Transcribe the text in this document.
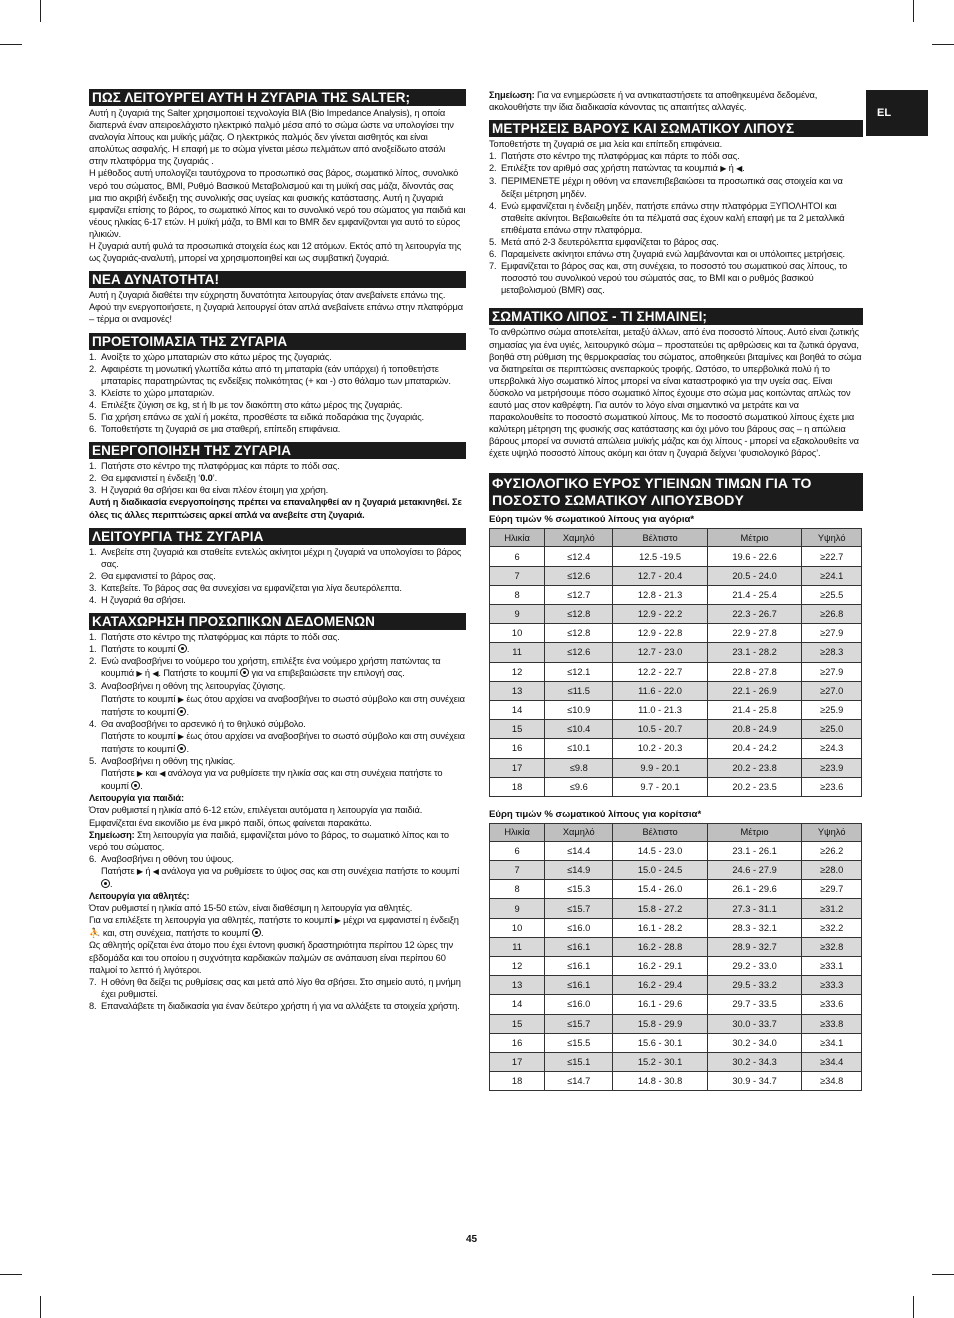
EL
ΠΩΣ ΛΕΙΤΟΥΡΓΕΙ ΑΥΤΗ Η ΖΥΓΑΡΙΑ ΤΗΣ SALTER;

Αυτή η ζυγαριά της Salter χρησιμοποιεί τεχνολογία BIA (Bio Impedance Analysis), η οποία διαπερνά έναν απειροελάχιστο ηλεκτρικό παλμό μέσα από το σώμα ώστε να υπολογίσει την αναλογία λίπους και μυϊκής μάζας. Ο ηλεκτρικός παλμός δεν γίνεται αισθητός και είναι απολύτως ασφαλής. Η επαφή με το σώμα γίνεται μέσω πελμάτων από ανοξείδωτο ατσάλι στην πλατφόρμα της ζυγαριάς .

Η μέθοδος αυτή υπολογίζει ταυτόχρονα το προσωπικό σας βάρος, σωματικό λίπος, συνολικό νερό του σώματος, BMI, Ρυθμό Βασικού Μεταβολισμού και τη μυϊκή σας μάζα, δίνοντάς σας μια πιο ακριβή ένδειξη της συνολικής σας υγείας και φυσικής κατάστασης. Αυτή η ζυγαριά εμφανίζει επίσης το βάρος, το σωματικό λίπος και το συνολικό νερό του σώματος για παιδιά και νέους ηλικίας 6-17 ετών. Η μυϊκή μάζα, το BMI και το BMR δεν εμφανίζονται για αυτό το εύρος ηλικιών.

Η ζυγαριά αυτή φυλά τα προσωπικά στοιχεία έως και 12 ατόμων. Εκτός από τη λειτουργία της ως ζυγαριάς-αναλυτή, μπορεί να χρησιμοποιηθεί και ως συμβατική ζυγαριά.

ΝΕΑ ΔΥΝΑΤΟΤΗΤΑ!

Αυτή η ζυγαριά διαθέτει την εύχρηστη δυνατότητα λειτουργίας όταν ανεβαίνετε επάνω της. Αφού την ενεργοποιήσετε, η ζυγαριά λειτουργεί όταν απλά ανεβαίνετε επάνω στην πλατφόρμα – τέρμα οι αναμονές!

ΠΡΟΕΤΟΙΜΑΣΙΑ ΤΗΣ ΖΥΓΑΡΙΑ
1. Ανοίξτε το χώρο μπαταριών στο κάτω μέρος της ζυγαριάς.
2. Αφαιρέστε τη μονωτική γλωττίδα κάτω από τη μπαταρία (εάν υπάρχει) ή τοποθετήστε μπαταρίες παρατηρώντας τις ενδείξεις πολικότητας (+ και -) στο θάλαμο των μπαταριών.
3. Κλείστε το χώρο μπαταριών.
4. Επιλέξτε ζύγιση σε kg, st ή lb με τον διακόπτη στο κάτω μέρος της ζυγαριάς.
5. Για χρήση επάνω σε χαλί ή μοκέτα, προσθέστε τα ειδικά ποδαράκια της ζυγαριάς.
6. Τοποθετήστε τη ζυγαριά σε μια σταθερή, επίπεδη επιφάνεια.
ΕΝΕΡΓΟΠΟΙΗΣΗ ΤΗΣ ΖΥΓΑΡΙΑ
1. Πατήστε στο κέντρο της πλατφόρμας και πάρτε το πόδι σας.
2. Θα εμφανιστεί η ένδειξη ‘0.0’.
3. Η ζυγαριά θα σβήσει και θα είναι πλέον έτοιμη για χρήση.

Αυτή η διαδικασία ενεργοποίησης πρέπει να επαναληφθεί αν η ζυγαριά μετακινηθεί. Σε όλες τις άλλες περιπτώσεις αρκεί απλά να ανεβείτε στη ζυγαριά.

ΛΕΙΤΟΥΡΓΙΑ ΤΗΣ ΖΥΓΑΡΙΑ
1. Ανεβείτε στη ζυγαριά και σταθείτε εντελώς ακίνητοι μέχρι η ζυγαριά να υπολογίσει το βάρος σας.
2. Θα εμφανιστεί το βάρος σας.
3. Κατεβείτε. Το βάρος σας θα συνεχίσει να εμφανίζεται για λίγα δευτερόλεπτα.
4. Η ζυγαριά θα σβήσει.
ΚΑΤΑΧΩΡΗΣΗ ΠΡΟΣΩΠΙΚΩΝ ΔΕΔΟΜΕΝΩΝ
1. Πατήστε στο κέντρο της πλατφόρμας και πάρτε το πόδι σας.
1. Πατήστε το κουμπί .
2. Ενώ αναβοσβήνει το νούμερο του χρήστη, επιλέξτε ένα νούμερο χρήστη πατώντας τα κουμπιά ▶ ή ◀. Πατήστε το κουμπί για να επιβεβαιώσετε την επιλογή σας.
3. Αναβοσβήνει η οθόνη της λειτουργίας ζύγισης.
Πατήστε το κουμπί ▶ έως ότου αρχίσει να αναβοσβήνει το σωστό σύμβολο και στη συνέχεια πατήστε το κουμπί .
4. Θα αναβοσβήνει το αρσενικό ή το θηλυκό σύμβολο.
Πατήστε το κουμπί ▶ έως ότου αρχίσει να αναβοσβήνει το σωστό σύμβολο και στη συνέχεια πατήστε το κουμπί .
5. Αναβοσβήνει η οθόνη της ηλικίας.
Πατήστε ▶ και ◀ ανάλογα για να ρυθμίσετε την ηλικία σας και στη συνέχεια πατήστε το κουμπί .

Λειτουργία για παιδιά:

Όταν ρυθμιστεί η ηλικία από 6-12 ετών, επιλέγεται αυτόματα η λειτουργία για παιδιά. Εμφανίζεται ένα εικονίδιο με ένα μικρό παιδί, όπως φαίνεται παρακάτω.

Σημείωση: Στη λειτουργία για παιδιά, εμφανίζεται μόνο το βάρος, το σωματικό λίπος και το νερό του σώματος.

6. Αναβοσβήνει η οθόνη του ύψους.
Πατήστε ▶ ή ◀ ανάλογα για να ρυθμίσετε το ύψος σας και στη συνέχεια πατήστε το κουμπί .

Λειτουργία για αθλητές:

Όταν ρυθμιστεί η ηλικία από 15-50 ετών, είναι διαθέσιμη η λειτουργία για αθλητές.

Για να επιλέξετε τη λειτουργία για αθλητές, πατήστε το κουμπί ▶ μέχρι να εμφανιστεί η ένδειξη ⛹ και, στη συνέχεια, πατήστε το κουμπί .

Ως αθλητής ορίζεται ένα άτομο που έχει έντονη φυσική δραστηριότητα περίπου 12 ώρες την εβδομάδα και του οποίου η συχνότητα καρδιακών παλμών σε ανάπαυση είναι περίπου 60 παλμοί το λεπτό ή λιγότεροι.

7. Η οθόνη θα δείξει τις ρυθμίσεις σας και μετά από λίγο θα σβήσει. Στο σημείο αυτό, η μνήμη έχει ρυθμιστεί.
8. Επαναλάβετε τη διαδικασία για έναν δεύτερο χρήστη ή για να αλλάξετε τα στοιχεία χρήστη.

Σημείωση: Για να ενημερώσετε ή να αντικαταστήσετε τα αποθηκευμένα δεδομένα, ακολουθήστε την ίδια διαδικασία κάνοντας τις απαιτήτες αλλαγές.

ΜΕΤΡΗΣΕΙΣ ΒΑΡΟΥΣ ΚΑΙ ΣΩΜΑΤΙΚΟΥ ΛΙΠΟΥΣ

Τοποθετήστε τη ζυγαριά σε μια λεία και επίπεδη επιφάνεια.

1. Πατήστε στο κέντρο της πλατφόρμας και πάρτε το πόδι σας.
2. Επιλέξτε τον αριθμό σας χρήστη πατώντας τα κουμπιά ▶ ή ◀.
3. ΠΕΡΙΜΕΝΕΤΕ μέχρι η οθόνη να επανεπιβεβαιώσει τα προσωπικά σας στοιχεία και να δείξει μέτρηση μηδέν.
4. Ενώ εμφανίζεται η ένδειξη μηδέν, πατήστε επάνω στην πλατφόρμα ΞΥΠΟΛΗΤΟΙ και σταθείτε ακίνητοι. Βεβαιωθείτε ότι τα πέλματά σας έχουν καλή επαφή με τα 2 μεταλλικά επιθέματα επάνω στην πλατφόρμα.
5. Μετά από 2-3 δευτερόλεπτα εμφανίζεται το βάρος σας.
6. Παραμείνετε ακίνητοι επάνω στη ζυγαριά ενώ λαμβάνονται και οι υπόλοιπες μετρήσεις.
7. Εμφανίζεται το βάρος σας και, στη συνέχεια, το ποσοστό του σωματικού σας λίπους, το ποσοστό του συνολικού νερού του σώματός σας, το BMI και ο ρυθμός βασικού μεταβολισμού (BMR) σας.
ΣΩΜΑΤΙΚΟ ΛΙΠΟΣ - ΤΙ ΣΗΜΑΙΝΕΙ;

Το ανθρώπινο σώμα αποτελείται, μεταξύ άλλων, από ένα ποσοστό λίπους. Αυτό είναι ζωτικής σημασίας για ένα υγιές, λειτουργικό σώμα – προστατεύει τις αρθρώσεις και τα ζωτικά όργανα, βοηθά στη ρύθμιση της θερμοκρασίας του σώματος, αποθηκεύει βιταμίνες και βοηθά το σώμα να διατηρείται σε περιπτώσεις ανεπαρκούς τροφής. Ωστόσο, το υπερβολικά πολύ ή το υπερβολικά λίγο σωματικό λίπος μπορεί να είναι καταστροφικό για την υγεία σας. Είναι δύσκολο να μετρήσουμε πόσο σωματικό λίπος έχουμε στο σώμα μας κοιτώντας απλώς τον εαυτό μας στον καθρέφτη. Για αυτόν το λόγο είναι σημαντικό να μετράτε και να παρακολουθείτε το ποσοστό σωματικού λίπους. Με το ποσοστό σωματικού λίπους έχετε μια καλύτερη μέτρηση της φυσικής σας κατάστασης και όχι μόνο του βάρους σας – η απώλεια βάρους μπορεί να συνιστά απώλεια μυϊκής μάζας και όχι λίπους - μπορεί να εξακολουθείτε να έχετε υψηλό ποσοστό λίπους ακόμη και όταν η ζυγαριά δείχνει ‘φυσιολογικό βάρος’.

ΦΥΣΙΟΛΟΓΙΚΟ ΕΥΡΟΣ ΥΓΙΕΙΝΩΝ ΤΙΜΩΝ ΓΙΑ ΤΟ
ΠΟΣΟΣΤΟ ΣΩΜΑΤΙΚΟΥ ΛΙΠΟΥΣBODY
Εύρη τιμών % σωματικού λίπους για αγόρια*
Ηλικία	Χαμηλό	Βέλτιστο	Μέτριο	Υψηλό
6	≤12.4	12.5 -19.5	19.6 - 22.6	≥22.7
7	≤12.6	12.7 - 20.4	20.5 - 24.0	≥24.1
8	≤12.7	12.8 - 21.3	21.4 - 25.4	≥25.5
9	≤12.8	12.9 - 22.2	22.3 - 26.7	≥26.8
10	≤12.8	12.9 - 22.8	22.9 - 27.8	≥27.9
11	≤12.6	12.7 - 23.0	23.1 - 28.2	≥28.3
12	≤12.1	12.2 - 22.7	22.8 - 27.8	≥27.9
13	≤11.5	11.6 - 22.0	22.1 - 26.9	≥27.0
14	≤10.9	11.0 - 21.3	21.4 - 25.8	≥25.9
15	≤10.4	10.5 - 20.7	20.8 - 24.9	≥25.0
16	≤10.1	10.2 - 20.3	20.4 - 24.2	≥24.3
17	≤9.8	9.9 - 20.1	20.2 - 23.8	≥23.9
18	≤9.6	9.7 - 20.1	20.2 - 23.5	≥23.6
Εύρη τιμών % σωματικού λίπους για κορίτσια*
Ηλικία	Χαμηλό	Βέλτιστο	Μέτριο	Υψηλό
6	≤14.4	14.5 - 23.0	23.1 - 26.1	≥26.2
7	≤14.9	15.0 - 24.5	24.6 - 27.9	≥28.0
8	≤15.3	15.4 - 26.0	26.1 - 29.6	≥29.7
9	≤15.7	15.8 - 27.2	27.3 - 31.1	≥31.2
10	≤16.0	16.1 - 28.2	28.3 - 32.1	≥32.2
11	≤16.1	16.2 - 28.8	28.9 - 32.7	≥32.8
12	≤16.1	16.2 - 29.1	29.2 - 33.0	≥33.1
13	≤16.1	16.2 - 29.4	29.5 - 33.2	≥33.3
14	≤16.0	16.1 - 29.6	29.7 - 33.5	≥33.6
15	≤15.7	15.8 - 29.9	30.0 - 33.7	≥33.8
16	≤15.5	15.6 - 30.1	30.2 - 34.0	≥34.1
17	≤15.1	15.2 - 30.1	30.2 - 34.3	≥34.4
18	≤14.7	14.8 - 30.8	30.9 - 34.7	≥34.8
45
